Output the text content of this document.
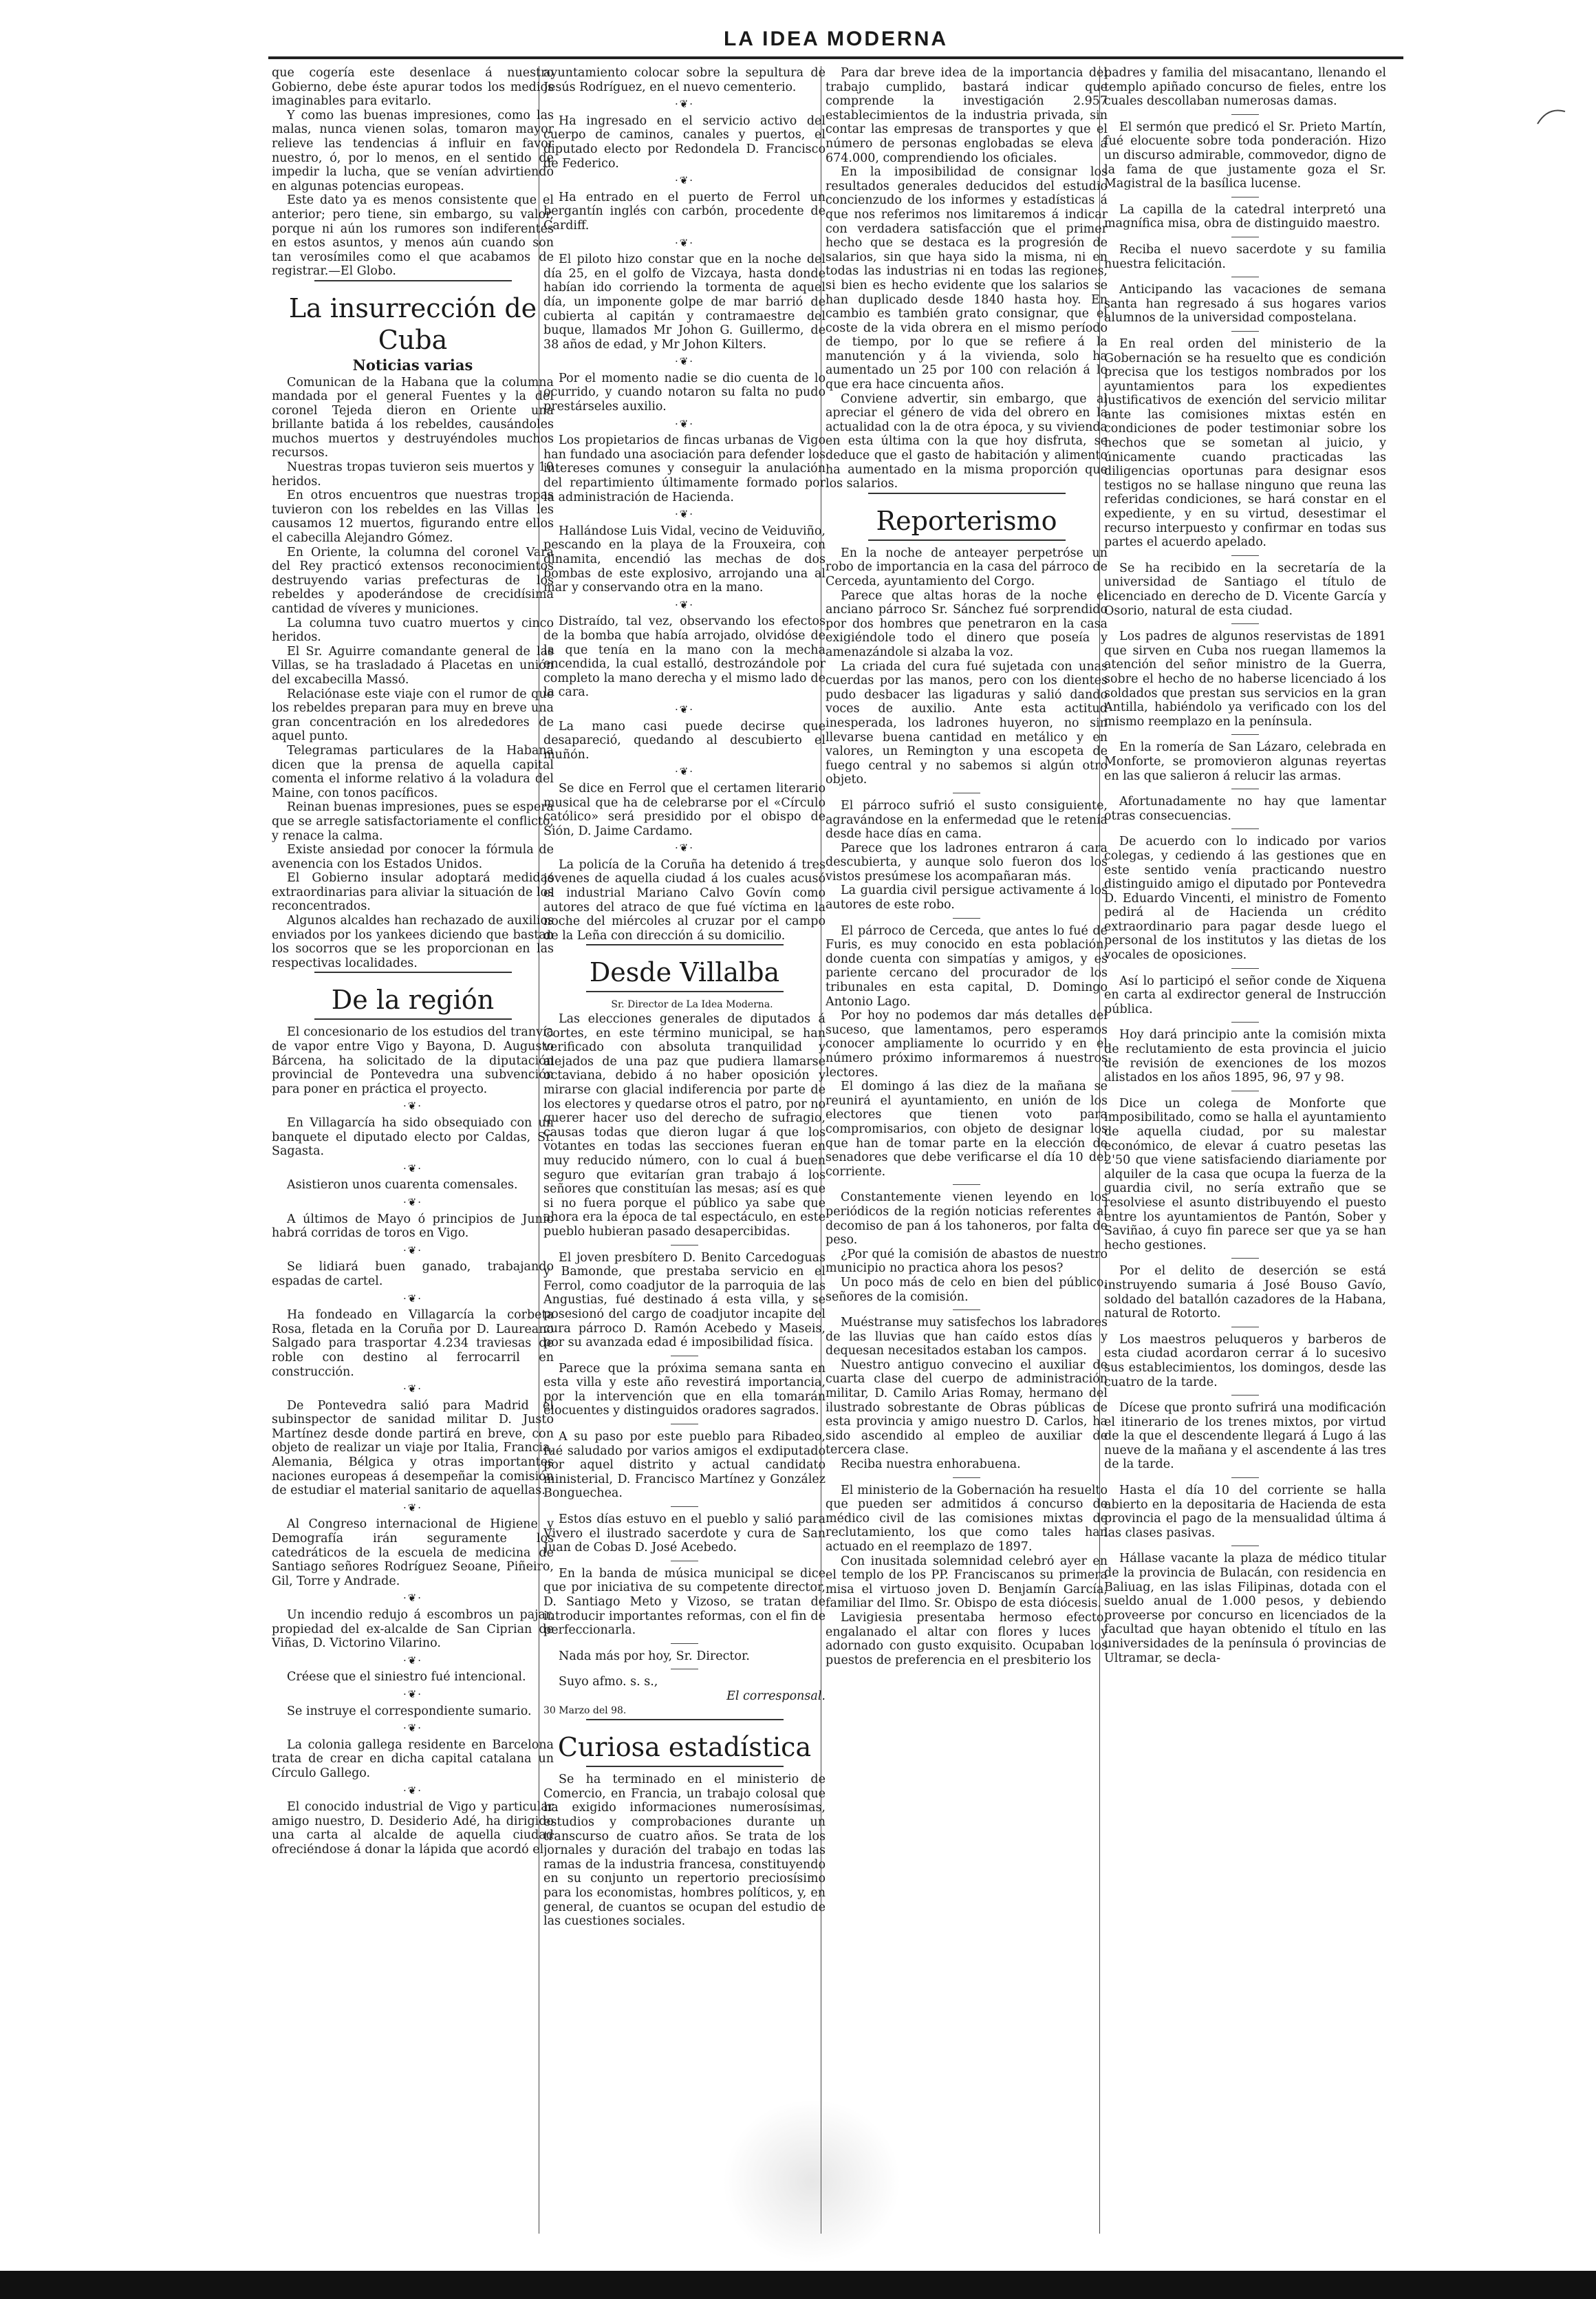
LA IDEA MODERNA

que cogería este desenlace á nuestro Gobierno, debe éste apurar todos los medios imaginables para evitarlo.

Y como las buenas impresiones, como las malas, nunca vienen solas, tomaron mayor relieve las tendencias á influir en favor nuestro, ó, por lo menos, en el sentido de impedir la lucha, que se venían advirtiendo en algunas potencias europeas.

Este dato ya es menos consistente que el anterior; pero tiene, sin embargo, su valor, porque ni aún los rumores son indiferentes en estos asuntos, y menos aún cuando son tan verosímiles como el que acabamos de registrar.—El Globo.

La insurrección de Cuba
Noticias varias

Comunican de la Habana que la columna mandada por el general Fuentes y la del coronel Tejeda dieron en Oriente una brillante batida á los rebeldes, causándoles muchos muertos y destruyéndoles muchos recursos.

Nuestras tropas tuvieron seis muertos y 10 heridos.

En otros encuentros que nuestras tropas tuvieron con los rebeldes en las Villas les causamos 12 muertos, figurando entre ellos el cabecilla Alejandro Gómez.

En Oriente, la columna del coronel Vara del Rey practicó extensos reconocimientos destruyendo varias prefecturas de los rebeldes y apoderándose de crecidísima cantidad de víveres y municiones.

La columna tuvo cuatro muertos y cinco heridos.

El Sr. Aguirre comandante general de las Villas, se ha trasladado á Placetas en unión del excabecilla Massó.

Relaciónase este viaje con el rumor de que los rebeldes preparan para muy en breve una gran concentración en los alrededores de aquel punto.

Telegramas particulares de la Habana dicen que la prensa de aquella capital comenta el informe relativo á la voladura del Maine, con tonos pacíficos.

Reinan buenas impresiones, pues se espera que se arregle satisfactoriamente el conflicto, y renace la calma.

Existe ansiedad por conocer la fórmula de avenencia con los Estados Unidos.

El Gobierno insular adoptará medidas extraordinarias para aliviar la situación de los reconcentrados.

Algunos alcaldes han rechazado de auxilios enviados por los yankees diciendo que bastan los socorros que se les proporcionan en las respectivas localidades.

De la región

El concesionario de los estudios del tranvía de vapor entre Vigo y Bayona, D. Augusto Bárcena, ha solicitado de la diputación provincial de Pontevedra una subvención para poner en práctica el proyecto.

·❦·

En Villagarcía ha sido obsequiado con un banquete el diputado electo por Caldas, Sr. Sagasta.

·❦·

Asistieron unos cuarenta comensales.

·❦·

A últimos de Mayo ó principios de Junio habrá corridas de toros en Vigo.

·❦·

Se lidiará buen ganado, trabajando espadas de cartel.

·❦·

Ha fondeado en Villagarcía la corbeta Rosa, fletada en la Coruña por D. Laureano Salgado para trasportar 4.234 traviesas de roble con destino al ferrocarril en construcción.

·❦·

De Pontevedra salió para Madrid el subinspector de sanidad militar D. Justo Martínez desde donde partirá en breve, con objeto de realizar un viaje por Italia, Francia, Alemania, Bélgica y otras importantes naciones europeas á desempeñar la comisión de estudiar el material sanitario de aquellas.

·❦·

Al Congreso internacional de Higiene y Demografía irán seguramente los catedráticos de la escuela de medicina de Santiago señores Rodríguez Seoane, Piñeiro, Gil, Torre y Andrade.

·❦·

Un incendio redujo á escombros un pajar, propiedad del ex-alcalde de San Ciprian de Viñas, D. Victorino Vilarino.

·❦·

Créese que el siniestro fué intencional.

·❦·

Se instruye el correspondiente sumario.

·❦·

La colonia gallega residente en Barcelona trata de crear en dicha capital catalana un Círculo Gallego.

·❦·

El conocido industrial de Vigo y particular amigo nuestro, D. Desiderio Adé, ha dirigido una carta al alcalde de aquella ciudad ofreciéndose á donar la lápida que acordó el

ayuntamiento colocar sobre la sepultura de Jesús Rodríguez, en el nuevo cementerio.

·❦·

Ha ingresado en el servicio activo del cuerpo de caminos, canales y puertos, el diputado electo por Redondela D. Francisco de Federico.

·❦·

Ha entrado en el puerto de Ferrol un bergantín inglés con carbón, procedente de Cardiff.

·❦·

El piloto hizo constar que en la noche del día 25, en el golfo de Vizcaya, hasta donde habían ido corriendo la tormenta de aquel día, un imponente golpe de mar barrió de cubierta al capitán y contramaestre del buque, llamados Mr Johon G. Guillermo, de 38 años de edad, y Mr Johon Kilters.

·❦·

Por el momento nadie se dio cuenta de lo ocurrido, y cuando notaron su falta no pudo prestárseles auxilio.

·❦·

Los propietarios de fincas urbanas de Vigo han fundado una asociación para defender los intereses comunes y conseguir la anulación del repartimiento últimamente formado por la administración de Hacienda.

·❦·

Hallándose Luis Vidal, vecino de Veiduviño, pescando en la playa de la Frouxeira, con dinamita, encendió las mechas de dos bombas de este explosivo, arrojando una al mar y conservando otra en la mano.

·❦·

Distraído, tal vez, observando los efectos de la bomba que había arrojado, olvidóse de la que tenía en la mano con la mecha encendida, la cual estalló, destrozándole por completo la mano derecha y el mismo lado de la cara.

·❦·

La mano casi puede decirse que desapareció, quedando al descubierto el muñón.

·❦·

Se dice en Ferrol que el certamen literario musical que ha de celebrarse por el «Círculo católico» será presidido por el obispo de Sión, D. Jaime Cardamo.

·❦·

La policía de la Coruña ha detenido á tres jóvenes de aquella ciudad á los cuales acusó el industrial Mariano Calvo Govín como autores del atraco de que fué víctima en la noche del miércoles al cruzar por el campo de la Leña con dirección á su domicilio.

Desde Villalba

Sr. Director de La Idea Moderna.

Las elecciones generales de diputados á Cortes, en este término municipal, se han verificado con absoluta tranquilidad y alejados de una paz que pudiera llamarse octaviana, debido á no haber oposición y mirarse con glacial indiferencia por parte de los electores y quedarse otros el patro, por no querer hacer uso del derecho de sufragio, causas todas que dieron lugar á que los votantes en todas las secciones fueran en muy reducido número, con lo cual á buen seguro que evitarían gran trabajo á los señores que constituían las mesas; así es que si no fuera porque el público ya sabe que ahora era la época de tal espectáculo, en este pueblo hubieran pasado desapercibidas.

El joven presbítero D. Benito Carcedoguas y Bamonde, que prestaba servicio en el Ferrol, como coadjutor de la parroquia de las Angustias, fué destinado á esta villa, y se posesionó del cargo de coadjutor incapite del cura párroco D. Ramón Acebedo y Maseis, por su avanzada edad é imposibilidad física.

Parece que la próxima semana santa en esta villa y este año revestirá importancia, por la intervención que en ella tomarán elocuentes y distinguidos oradores sagrados.

A su paso por este pueblo para Ribadeo, fué saludado por varios amigos el exdiputado por aquel distrito y actual candidato ministerial, D. Francisco Martínez y González Bonguechea.

Estos días estuvo en el pueblo y salió para Vivero el ilustrado sacerdote y cura de San Juan de Cobas D. José Acebedo.

En la banda de música municipal se dice que por iniciativa de su competente director, D. Santiago Meto y Vizoso, se tratan de introducir importantes reformas, con el fin de perfeccionarla.

Nada más por hoy, Sr. Director.

Suyo afmo. s. s.,

El corresponsal.

30 Marzo del 98.

Curiosa estadística

Se ha terminado en el ministerio de Comercio, en Francia, un trabajo colosal que ha exigido informaciones numerosísimas, estudios y comprobaciones durante un transcurso de cuatro años. Se trata de los jornales y duración del trabajo en todas las ramas de la industria francesa, constituyendo en su conjunto un repertorio preciosísimo para los economistas, hombres políticos, y, en general, de cuantos se ocupan del estudio de las cuestiones sociales.

Para dar breve idea de la importancia del trabajo cumplido, bastará indicar que comprende la investigación 2.957 establecimientos de la industria privada, sin contar las empresas de transportes y que el número de personas englobadas se eleva á 674.000, comprendiendo los oficiales.

En la imposibilidad de consignar los resultados generales deducidos del estudio concienzudo de los informes y estadísticas á que nos referimos nos limitaremos á indicar con verdadera satisfacción que el primer hecho que se destaca es la progresión de salarios, sin que haya sido la misma, ni en todas las industrias ni en todas las regiones, si bien es hecho evidente que los salarios se han duplicado desde 1840 hasta hoy. En cambio es también grato consignar, que el coste de la vida obrera en el mismo período de tiempo, por lo que se refiere á la manutención y á la vivienda, solo ha aumentado un 25 por 100 con relación á lo que era hace cincuenta años.

Conviene advertir, sin embargo, que al apreciar el género de vida del obrero en la actualidad con la de otra época, y su vivienda en esta última con la que hoy disfruta, se deduce que el gasto de habitación y alimento ha aumentado en la misma proporción que los salarios.

Reporterismo

En la noche de anteayer perpetróse un robo de importancia en la casa del párroco de Cerceda, ayuntamiento del Corgo.

Parece que altas horas de la noche el anciano párroco Sr. Sánchez fué sorprendido por dos hombres que penetraron en la casa exigiéndole todo el dinero que poseía y amenazándole si alzaba la voz.

La criada del cura fué sujetada con unas cuerdas por las manos, pero con los dientes pudo desbacer las ligaduras y salió dando voces de auxilio. Ante esta actitud inesperada, los ladrones huyeron, no sin llevarse buena cantidad en metálico y en valores, un Remington y una escopeta de fuego central y no sabemos si algún otro objeto.

El párroco sufrió el susto consiguiente, agravándose en la enfermedad que le retenía desde hace días en cama.

Parece que los ladrones entraron á cara descubierta, y aunque solo fueron dos los vistos presúmese los acompañaran más.

La guardia civil persigue activamente á los autores de este robo.

El párroco de Cerceda, que antes lo fué de Furis, es muy conocido en esta población, donde cuenta con simpatías y amigos, y es pariente cercano del procurador de los tribunales en esta capital, D. Domingo Antonio Lago.

Por hoy no podemos dar más detalles del suceso, que lamentamos, pero esperamos conocer ampliamente lo ocurrido y en el número próximo informaremos á nuestros lectores.

El domingo á las diez de la mañana se reunirá el ayuntamiento, en unión de los electores que tienen voto para compromisarios, con objeto de designar los que han de tomar parte en la elección de senadores que debe verificarse el día 10 del corriente.

Constantemente vienen leyendo en los periódicos de la región noticias referentes al decomiso de pan á los tahoneros, por falta de peso.

¿Por qué la comisión de abastos de nuestro municipio no practica ahora los pesos?

Un poco más de celo en bien del público, señores de la comisión.

Muéstranse muy satisfechos los labradores de las lluvias que han caído estos días y dequesan necesitados estaban los campos.

Nuestro antiguo convecino el auxiliar de cuarta clase del cuerpo de administración militar, D. Camilo Arias Romay, hermano del ilustrado sobrestante de Obras públicas de esta provincia y amigo nuestro D. Carlos, ha sido ascendido al empleo de auxiliar de tercera clase.

Reciba nuestra enhorabuena.

El ministerio de la Gobernación ha resuelto que pueden ser admitidos á concurso de médico civil de las comisiones mixtas de reclutamiento, los que como tales han actuado en el reemplazo de 1897.

Con inusitada solemnidad celebró ayer en el templo de los PP. Franciscanos su primera misa el virtuoso joven D. Benjamín García, familiar del Ilmo. Sr. Obispo de esta diócesis.

Lavigiesia presentaba hermoso efecto, engalanado el altar con flores y luces y adornado con gusto exquisito. Ocupaban los puestos de preferencia en el presbiterio los

padres y familia del misacantano, llenando el templo apiñado concurso de fieles, entre los cuales descollaban numerosas damas.

El sermón que predicó el Sr. Prieto Martín, fué elocuente sobre toda ponderación. Hizo un discurso admirable, commovedor, digno de la fama de que justamente goza el Sr. Magistral de la basílica lucense.

La capilla de la catedral interpretó una magnífica misa, obra de distinguido maestro.

Reciba el nuevo sacerdote y su familia nuestra felicitación.

Anticipando las vacaciones de semana santa han regresado á sus hogares varios alumnos de la universidad compostelana.

En real orden del ministerio de la Gobernación se ha resuelto que es condición precisa que los testigos nombrados por los ayuntamientos para los expedientes justificativos de exención del servicio militar ante las comisiones mixtas estén en condiciones de poder testimoniar sobre los hechos que se sometan al juicio, y únicamente cuando practicadas las diligencias oportunas para designar esos testigos no se hallase ninguno que reuna las referidas condiciones, se hará constar en el expediente, y en su virtud, desestimar el recurso interpuesto y confirmar en todas sus partes el acuerdo apelado.

Se ha recibido en la secretaría de la universidad de Santiago el título de licenciado en derecho de D. Vicente García y Osorio, natural de esta ciudad.

Los padres de algunos reservistas de 1891 que sirven en Cuba nos ruegan llamemos la atención del señor ministro de la Guerra, sobre el hecho de no haberse licenciado á los soldados que prestan sus servicios en la gran Antilla, habiéndolo ya verificado con los del mismo reemplazo en la península.

En la romería de San Lázaro, celebrada en Monforte, se promovieron algunas reyertas en las que salieron á relucir las armas.

Afortunadamente no hay que lamentar otras consecuencias.

De acuerdo con lo indicado por varios colegas, y cediendo á las gestiones que en este sentido venía practicando nuestro distinguido amigo el diputado por Pontevedra D. Eduardo Vincenti, el ministro de Fomento pedirá al de Hacienda un crédito extraordinario para pagar desde luego el personal de los institutos y las dietas de los vocales de oposiciones.

Así lo participó el señor conde de Xiquena en carta al exdirector general de Instrucción pública.

Hoy dará principio ante la comisión mixta de reclutamiento de esta provincia el juicio de revisión de exenciones de los mozos alistados en los años 1895, 96, 97 y 98.

Dice un colega de Monforte que imposibilitado, como se halla el ayuntamiento de aquella ciudad, por su malestar económico, de elevar á cuatro pesetas las 2'50 que viene satisfaciendo diariamente por alquiler de la casa que ocupa la fuerza de la guardia civil, no sería extraño que se resolviese el asunto distribuyendo el puesto entre los ayuntamientos de Pantón, Sober y Saviñao, á cuyo fin parece ser que ya se han hecho gestiones.

Por el delito de deserción se está instruyendo sumaria á José Bouso Gavío, soldado del batallón cazadores de la Habana, natural de Rotorto.

Los maestros peluqueros y barberos de esta ciudad acordaron cerrar á lo sucesivo sus establecimientos, los domingos, desde las cuatro de la tarde.

Dícese que pronto sufrirá una modificación el itinerario de los trenes mixtos, por virtud de la que el descendente llegará á Lugo á las nueve de la mañana y el ascendente á las tres de la tarde.

Hasta el día 10 del corriente se halla abierto en la depositaria de Hacienda de esta provincia el pago de la mensualidad última á las clases pasivas.

Hállase vacante la plaza de médico titular de la provincia de Bulacán, con residencia en Baliuag, en las islas Filipinas, dotada con el sueldo anual de 1.000 pesos, y debiendo proveerse por concurso en licenciados de la facultad que hayan obtenido el título en las universidades de la península ó provincias de Ultramar, se decla-
